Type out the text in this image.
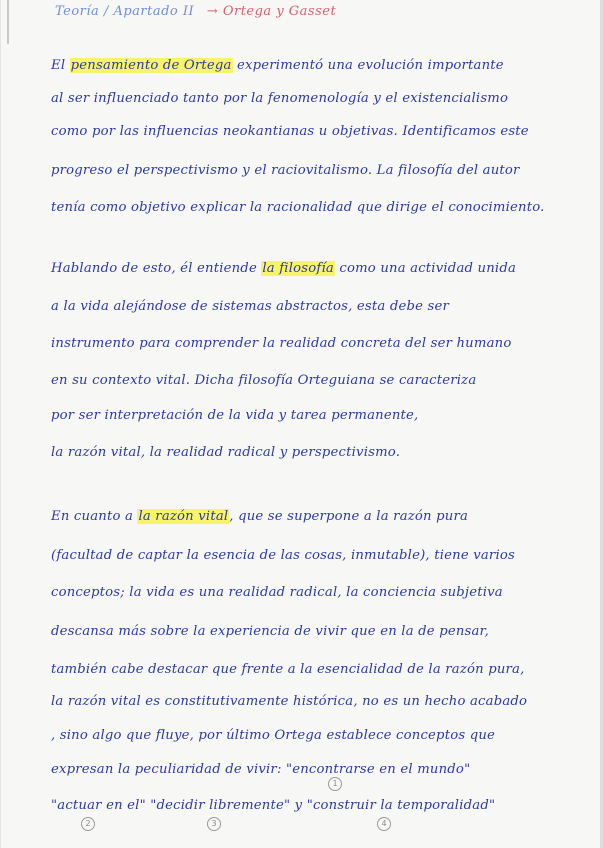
Teoría / Apartado II → Ortega y Gasset
El pensamiento de Ortega experimentó una evolución importante
al ser influenciado tanto por la fenomenología y el existencialismo
como por las influencias neokantianas u objetivas. Identificamos este
progreso el perspectivismo y el raciovitalismo. La filosofía del autor
tenía como objetivo explicar la racionalidad que dirige el conocimiento.
Hablando de esto, él entiende la filosofía como una actividad unida
a la vida alejándose de sistemas abstractos, esta debe ser
instrumento para comprender la realidad concreta del ser humano
en su contexto vital. Dicha filosofía Orteguiana se caracteriza
por ser interpretación de la vida y tarea permanente,
la razón vital, la realidad radical y perspectivismo.
En cuanto a la razón vital, que se superpone a la razón pura
(facultad de captar la esencia de las cosas, inmutable), tiene varios
conceptos; la vida es una realidad radical, la conciencia subjetiva
descansa más sobre la experiencia de vivir que en la de pensar,
también cabe destacar que frente a la esencialidad de la razón pura,
la razón vital es constitutivamente histórica, no es un hecho acabado
, sino algo que fluye, por último Ortega establece conceptos que
expresan la peculiaridad de vivir: "encontrarse en el mundo"
"actuar en el" "decidir libremente" y "construir la temporalidad"
1
2	3	4
